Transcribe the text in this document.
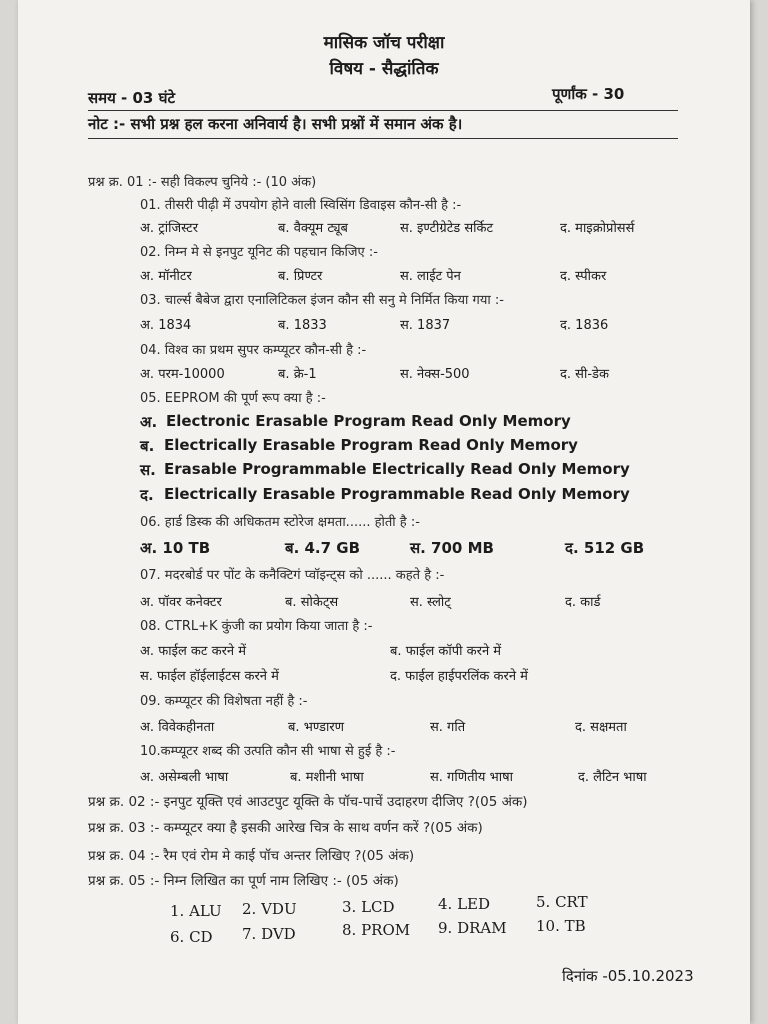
मासिक जॉच परीक्षा
विषय - सैद्धांतिक
समय - 03 घंटे	पूर्णांक - 30
नोट :- सभी प्रश्न हल करना अनिवार्य है। सभी प्रश्नों में समान अंक है।
प्रश्न क्र. 01 :- सही विकल्प चुनिये :- (10 अंक)
01. तीसरी पीढ़ी में उपयोग होने वाली स्विसिंग डिवाइस कौन-सी है :-
अ. ट्रांजिस्टर	ब. वैक्यूम ट्यूब	स. इण्टीग्रेटेड सर्किट	द. माइक्रोप्रोसर्स
02. निम्न मे से इनपुट यूनिट की पहचान किजिए :-
अ. मॉनीटर	ब. प्रिण्टर	स. लाईट पेन	द. स्पीकर
03. चार्ल्स बैबेज द्वारा एनालिटिकल इंजन कौन सी सनु मे निर्मित किया गया :-
अ. 1834	ब. 1833	स. 1837	द. 1836
04. विश्व का प्रथम सुपर कम्प्यूटर कौन-सी है :-
अ. परम-10000	ब. क्रे-1	स. नेक्स-500	द. सी-डेक
05. EEPROM की पूर्ण रूप क्या है :-
अ. Electronic Erasable Program Read Only Memory
ब. Electrically Erasable Program Read Only Memory
स. Erasable Programmable Electrically Read Only Memory
द. Electrically Erasable Programmable Read Only Memory
06. हार्ड डिस्क की अधिकतम स्टोरेज क्षमता...... होती है :-
अ. 10 TB	ब. 4.7 GB	स. 700 MB	द. 512 GB
07. मदरबोर्ड पर पोंट के कनैक्टिगं प्वॉइन्ट्स को ...... कहते है :-
अ. पॉवर कनेक्टर	ब. सोकेट्स	स. स्लोट्	द. कार्ड
08. CTRL+K कुंजी का प्रयोग किया जाता है :-
अ. फाईल कट करने में	ब. फाईल कॉपी करने में
स. फाईल हॉईलाईटस करने में	द. फाईल हाईपरलिंक करने में
09. कम्प्यूटर की विशेषता नहीं है :-
अ. विवेकहीनता	ब. भण्डारण	स. गति	द. सक्षमता
10.कम्प्यूटर शब्द की उत्पति कौन सी भाषा से हुई है :-
अ. असेम्बली भाषा	ब. मशीनी भाषा	स. गणितीय भाषा	द. लैटिन भाषा
प्रश्न क्र. 02 :- इनपुट यूक्ति एवं आउटपुट यूक्ति के पॉच-पाचें उदाहरण दीजिए ?(05 अंक)
प्रश्न क्र. 03 :- कम्प्यूटर क्या है इसकी आरेख चित्र के साथ वर्णन करें ?(05 अंक)
प्रश्न क्र. 04 :- रैम एवं रोम मे काई पॉच अन्तर लिखिए ?(05 अंक)
प्रश्न क्र. 05 :- निम्न लिखित का पूर्ण नाम लिखिए :- (05 अंक)
1. ALU 2. VDU	3. LCD	4. LED	5. CRT
6. CD 7. DVD	8. PROM 9. DRAM 10. TB
दिनांक -05.10.2023
